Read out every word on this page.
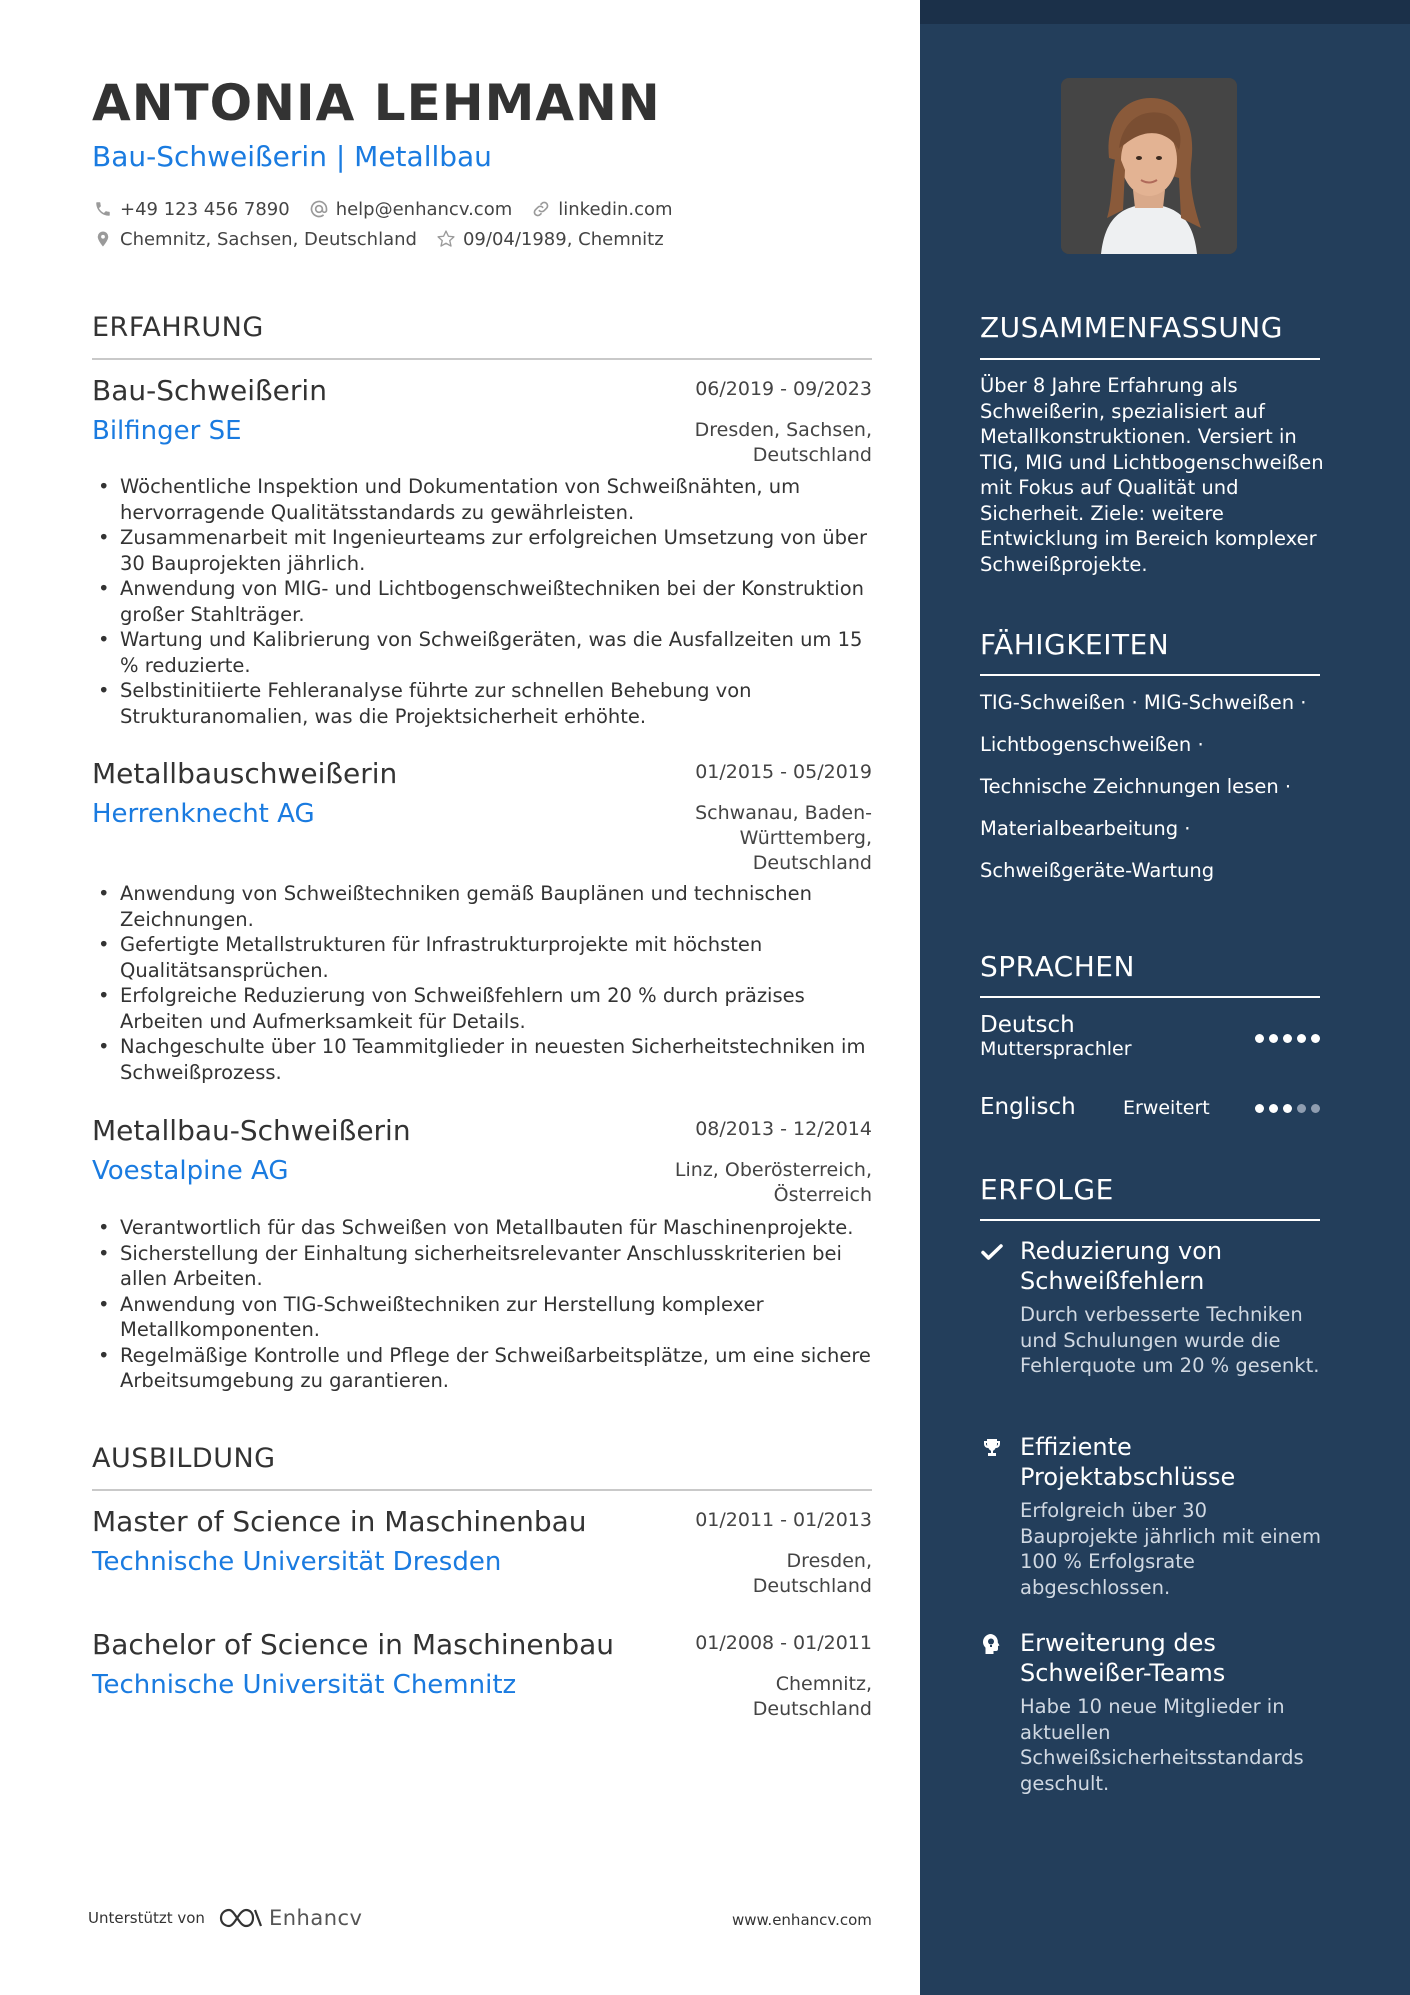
ANTONIA LEHMANN
Bau-Schweißerin | Metallbau
+49 123 456 7890	help@enhancv.com	linkedin.com
Chemnitz, Sachsen, Deutschland	09/04/1989, Chemnitz
ERFAHRUNG
Bau-Schweißerin	06/2019 - 09/2023
Bilfinger SE	Dresden, Sachsen,
Deutschland
• Wöchentliche Inspektion und Dokumentation von Schweißnähten, um hervorragende Qualitätsstandards zu gewährleisten.
• Zusammenarbeit mit Ingenieurteams zur erfolgreichen Umsetzung von über 30 Bauprojekten jährlich.
• Anwendung von MIG- und Lichtbogenschweißtechniken bei der Konstruktion großer Stahlträger.
• Wartung und Kalibrierung von Schweißgeräten, was die Ausfallzeiten um 15 % reduzierte.
• Selbstinitiierte Fehleranalyse führte zur schnellen Behebung von Strukturanomalien, was die Projektsicherheit erhöhte.
Metallbauschweißerin	01/2015 - 05/2019
Herrenknecht AG	Schwanau, Baden-
Württemberg,
Deutschland
• Anwendung von Schweißtechniken gemäß Bauplänen und technischen Zeichnungen.
• Gefertigte Metallstrukturen für Infrastrukturprojekte mit höchsten Qualitätsansprüchen.
• Erfolgreiche Reduzierung von Schweißfehlern um 20 % durch präzises Arbeiten und Aufmerksamkeit für Details.
• Nachgeschulte über 10 Teammitglieder in neuesten Sicherheitstechniken im Schweißprozess.
Metallbau-Schweißerin	08/2013 - 12/2014
Voestalpine AG	Linz, Oberösterreich,
Österreich
• Verantwortlich für das Schweißen von Metallbauten für Maschinenprojekte.
• Sicherstellung der Einhaltung sicherheitsrelevanter Anschlusskriterien bei allen Arbeiten.
• Anwendung von TIG-Schweißtechniken zur Herstellung komplexer Metallkomponenten.
• Regelmäßige Kontrolle und Pflege der Schweißarbeitsplätze, um eine sichere Arbeitsumgebung zu garantieren.
AUSBILDUNG
Master of Science in Maschinenbau	01/2011 - 01/2013
Technische Universität Dresden	Dresden,
Deutschland
Bachelor of Science in Maschinenbau	01/2008 - 01/2011
Technische Universität Chemnitz	Chemnitz,
Deutschland
Unterstützt von	Enhancv	www.enhancv.com
ZUSAMMENFASSUNG
Über 8 Jahre Erfahrung als Schweißerin, spezialisiert auf Metallkonstruktionen. Versiert in TIG, MIG und Lichtbogenschweißen mit Fokus auf Qualität und Sicherheit. Ziele: weitere Entwicklung im Bereich komplexer Schweißprojekte.
FÄHIGKEITEN
TIG-Schweißen · MIG-Schweißen ·
Lichtbogenschweißen ·
Technische Zeichnungen lesen ·
Materialbearbeitung ·
Schweißgeräte-Wartung
SPRACHEN
Deutsch
Muttersprachler
Englisch	Erweitert
ERFOLGE
Reduzierung von Schweißfehlern
Durch verbesserte Techniken und Schulungen wurde die Fehlerquote um 20 % gesenkt.
Effiziente Projektabschlüsse
Erfolgreich über 30 Bauprojekte jährlich mit einem 100 % Erfolgsrate abgeschlossen.
Erweiterung des Schweißer-Teams
Habe 10 neue Mitglieder in aktuellen Schweißsicherheitsstandards geschult.
